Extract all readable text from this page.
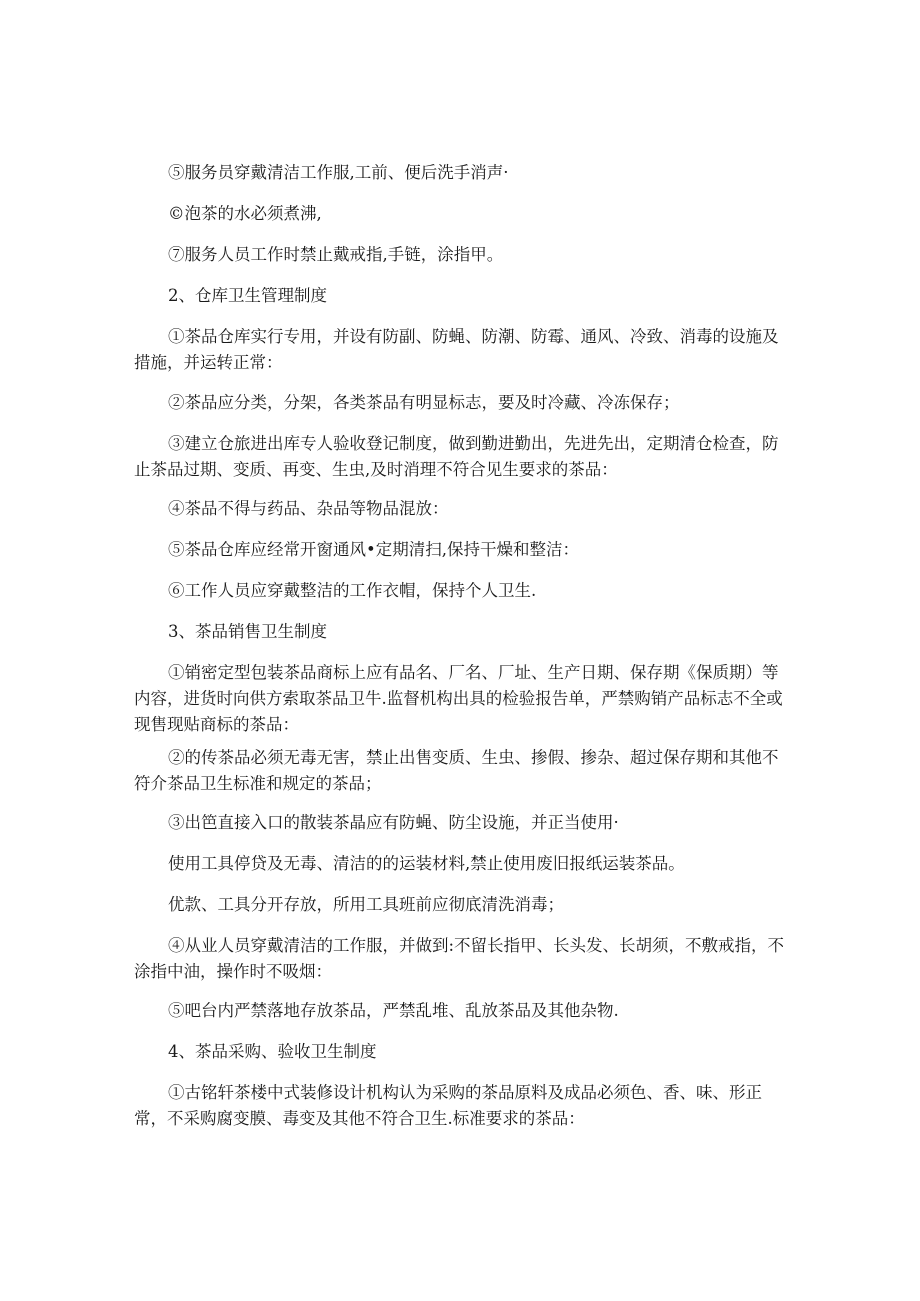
⑤服务员穿戴清洁工作服,工前、便后洗手消声·

©泡茶的水必须煮沸,

⑦服务人员工作时禁止戴戒指,手链，涂指甲。

2、仓库卫生管理制度

①茶品仓库实行专用，并设有防副、防蝇、防潮、防霉、通风、冷致、消毒的设施及措施，并运转正常：

②茶品应分类，分架，各类茶品有明显标志，要及时冷藏、冷冻保存；

③建立仓旅进出库专人验收登记制度，做到勤进勤出，先进先出，定期清仓检查，防止茶品过期、变质、再变、生虫,及时消理不符合见生要求的茶品：

④茶品不得与药品、杂品等物品混放：

⑤茶品仓库应经常开窗通风•定期清扫,保持干燥和整洁：

⑥工作人员应穿戴整洁的工作衣帽，保持个人卫生.

3、茶品销售卫生制度

①销密定型包装茶品商标上应有品名、厂名、厂址、生产日期、保存期《保质期）等内容，进货时向供方索取茶品卫牛.监督机构出具的检验报告单，严禁购销产品标志不全或现售现贴商标的茶品：

②的传茶品必须无毒无害，禁止出售变质、生虫、掺假、掺杂、超过保存期和其他不符介茶品卫生标准和规定的茶品；

③出笆直接入口的散装茶晶应有防蝇、防尘设施，并正当使用·

使用工具停贷及无毒、清洁的的运装材料,禁止使用废旧报纸运装茶品。

优款、工具分开存放，所用工具班前应彻底清洗消毒；

④从业人员穿戴清洁的工作服，并做到:不留长指甲、长头发、长胡须，不敷戒指，不涂指中油，操作时不吸烟：

⑤吧台内严禁落地存放茶品，严禁乱堆、乱放茶品及其他杂物.

4、茶品采购、验收卫生制度

①古铭轩茶楼中式装修设计机构认为采购的茶品原料及成品必须色、香、味、形正常，不采购腐变膜、毒变及其他不符合卫生.标准要求的茶品：
